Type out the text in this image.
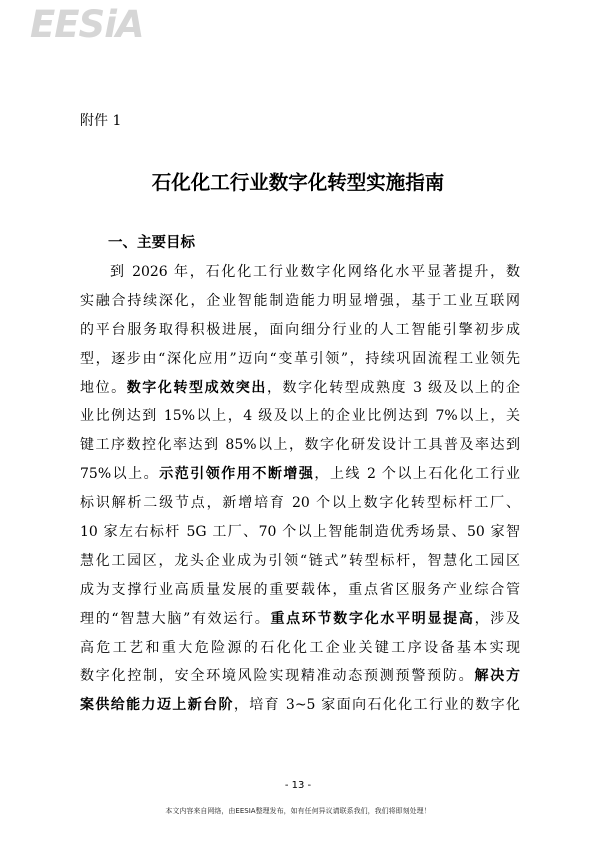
EESiA
附件 1
石化化工行业数字化转型实施指南
一、主要目标
到 2026 年，石化化工行业数字化网络化水平显著提升，数
实融合持续深化，企业智能制造能力明显增强，基于工业互联网
的平台服务取得积极进展，面向细分行业的人工智能引擎初步成
型，逐步由“深化应用”迈向“变革引领”，持续巩固流程工业领先
地位。数字化转型成效突出，数字化转型成熟度 3 级及以上的企
业比例达到 15%以上，4 级及以上的企业比例达到 7%以上，关
键工序数控化率达到 85%以上，数字化研发设计工具普及率达到
75%以上。示范引领作用不断增强，上线 2 个以上石化化工行业
标识解析二级节点，新增培育 20 个以上数字化转型标杆工厂、
10 家左右标杆 5G 工厂、70 个以上智能制造优秀场景、50 家智
慧化工园区，龙头企业成为引领“链式”转型标杆，智慧化工园区
成为支撑行业高质量发展的重要载体，重点省区服务产业综合管
理的“智慧大脑”有效运行。重点环节数字化水平明显提高，涉及
高危工艺和重大危险源的石化化工企业关键工序设备基本实现
数字化控制，安全环境风险实现精准动态预测预警预防。解决方
案供给能力迈上新台阶，培育 3~5 家面向石化化工行业的数字化
- 13 -
本文内容来自网络，由EESIA整理发布，如有任何异议请联系我们，我们将即刻处理！
